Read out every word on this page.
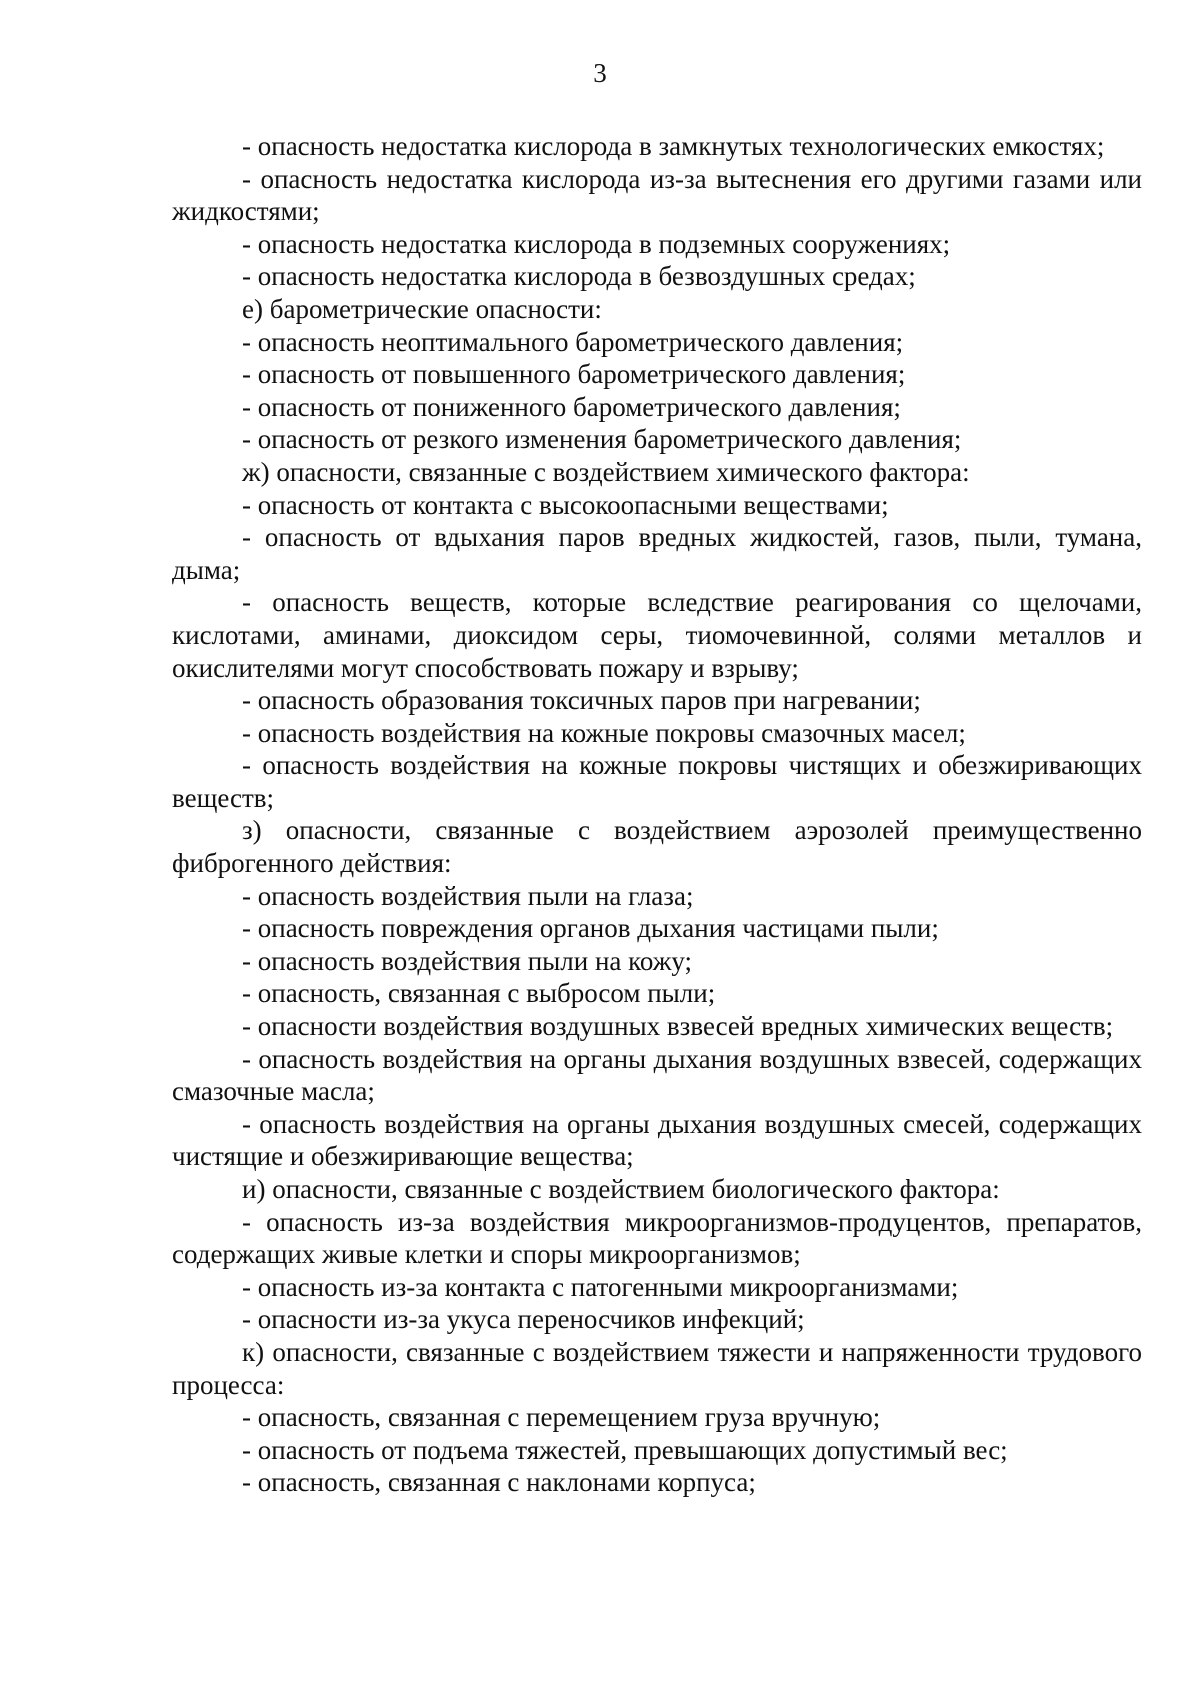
3

- опасность недостатка кислорода в замкнутых технологических емкостях;

- опасность недостатка кислорода из-за вытеснения его другими газами или жидкостями;

- опасность недостатка кислорода в подземных сооружениях;

- опасность недостатка кислорода в безвоздушных средах;

е) барометрические опасности:

- опасность неоптимального барометрического давления;

- опасность от повышенного барометрического давления;

- опасность от пониженного барометрического давления;

- опасность от резкого изменения барометрического давления;

ж) опасности, связанные с воздействием химического фактора:

- опасность от контакта с высокоопасными веществами;

- опасность от вдыхания паров вредных жидкостей, газов, пыли, тумана, дыма;

- опасность веществ, которые вследствие реагирования со щелочами, кислотами, аминами, диоксидом серы, тиомочевинной, солями металлов и окислителями могут способствовать пожару и взрыву;

- опасность образования токсичных паров при нагревании;

- опасность воздействия на кожные покровы смазочных масел;

- опасность воздействия на кожные покровы чистящих и обезжиривающих веществ;

з) опасности, связанные с воздействием аэрозолей преимущественно фиброгенного действия:

- опасность воздействия пыли на глаза;

- опасность повреждения органов дыхания частицами пыли;

- опасность воздействия пыли на кожу;

- опасность, связанная с выбросом пыли;

- опасности воздействия воздушных взвесей вредных химических веществ;

- опасность воздействия на органы дыхания воздушных взвесей, содержащих смазочные масла;

- опасность воздействия на органы дыхания воздушных смесей, содержащих чистящие и обезжиривающие вещества;

и) опасности, связанные с воздействием биологического фактора:

- опасность из-за воздействия микроорганизмов-продуцентов, препаратов, содержащих живые клетки и споры микроорганизмов;

- опасность из-за контакта с патогенными микроорганизмами;

- опасности из-за укуса переносчиков инфекций;

к) опасности, связанные с воздействием тяжести и напряженности трудового процесса:

- опасность, связанная с перемещением груза вручную;

- опасность от подъема тяжестей, превышающих допустимый вес;

- опасность, связанная с наклонами корпуса;
